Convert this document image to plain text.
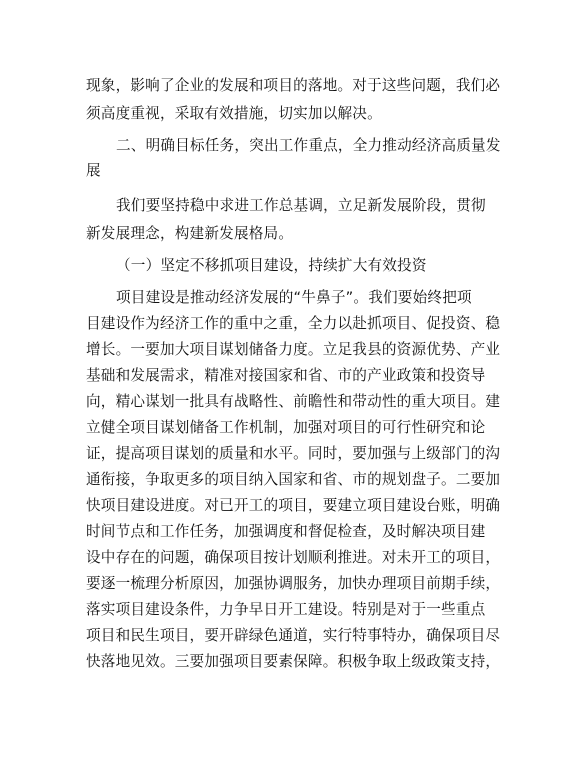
现象，影响了企业的发展和项目的落地。对于这些问题，我们必
须高度重视，采取有效措施，切实加以解决。
二、明确目标任务，突出工作重点，全力推动经济高质量发
展
我们要坚持稳中求进工作总基调，立足新发展阶段，贯彻
新发展理念，构建新发展格局。
（一）坚定不移抓项目建设，持续扩大有效投资
项目建设是推动经济发展的“牛鼻子”。我们要始终把项
目建设作为经济工作的重中之重，全力以赴抓项目、促投资、稳
增长。一要加大项目谋划储备力度。立足我县的资源优势、产业
基础和发展需求，精准对接国家和省、市的产业政策和投资导
向，精心谋划一批具有战略性、前瞻性和带动性的重大项目。建
立健全项目谋划储备工作机制，加强对项目的可行性研究和论
证，提高项目谋划的质量和水平。同时，要加强与上级部门的沟
通衔接，争取更多的项目纳入国家和省、市的规划盘子。二要加
快项目建设进度。对已开工的项目，要建立项目建设台账，明确
时间节点和工作任务，加强调度和督促检查，及时解决项目建
设中存在的问题，确保项目按计划顺利推进。对未开工的项目，
要逐一梳理分析原因，加强协调服务，加快办理项目前期手续，
落实项目建设条件，力争早日开工建设。特别是对于一些重点
项目和民生项目，要开辟绿色通道，实行特事特办，确保项目尽
快落地见效。三要加强项目要素保障。积极争取上级政策支持，
